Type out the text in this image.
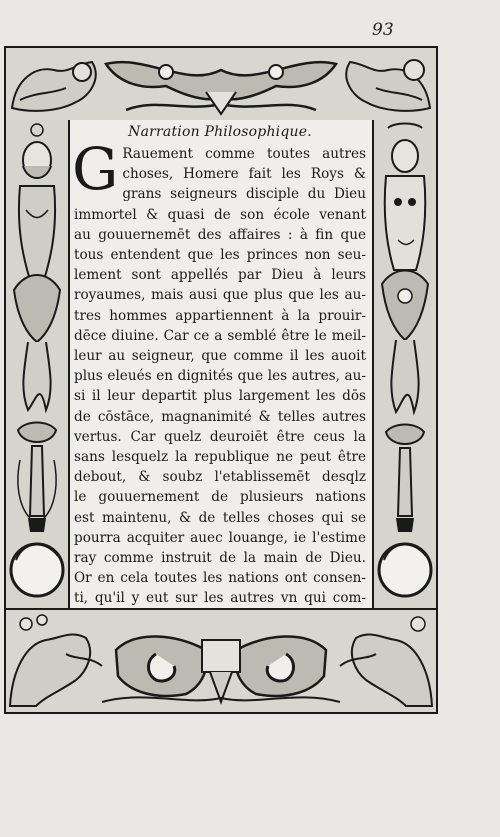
93
Narration Philosophique.
G Rauement comme toutes autres
choses, Homere fait les Roys &
grans seigneurs disciple du Dieu
immortel & quasi de son école venant
au gouuernemēt des affaires : à fin que
tous entendent que les princes non seu-
lement sont appellés par Dieu à leurs
royaumes, mais ausi que plus que les au-
tres hommes appartiennent à la prouir-
dēce diuine. Car ce a semblé être le meil-
leur au seigneur, que comme il les auoit
plus eleués en dignités que les autres, au-
si il leur departit plus largement les dōs
de cōstāce, magnanimité & telles autres
vertus. Car quelz deuroiēt être ceus la
sans lesquelz la republique ne peut être
debout, & soubz l'etablissemēt desqlz
le gouuernement de plusieurs nations
est maintenu, & de telles choses qui se
pourra acquiter auec louange, ie l'estime
ray comme instruit de la main de Dieu.
Or en cela toutes les nations ont consen-
ti, qu'il y eut sur les autres vn qui com-
